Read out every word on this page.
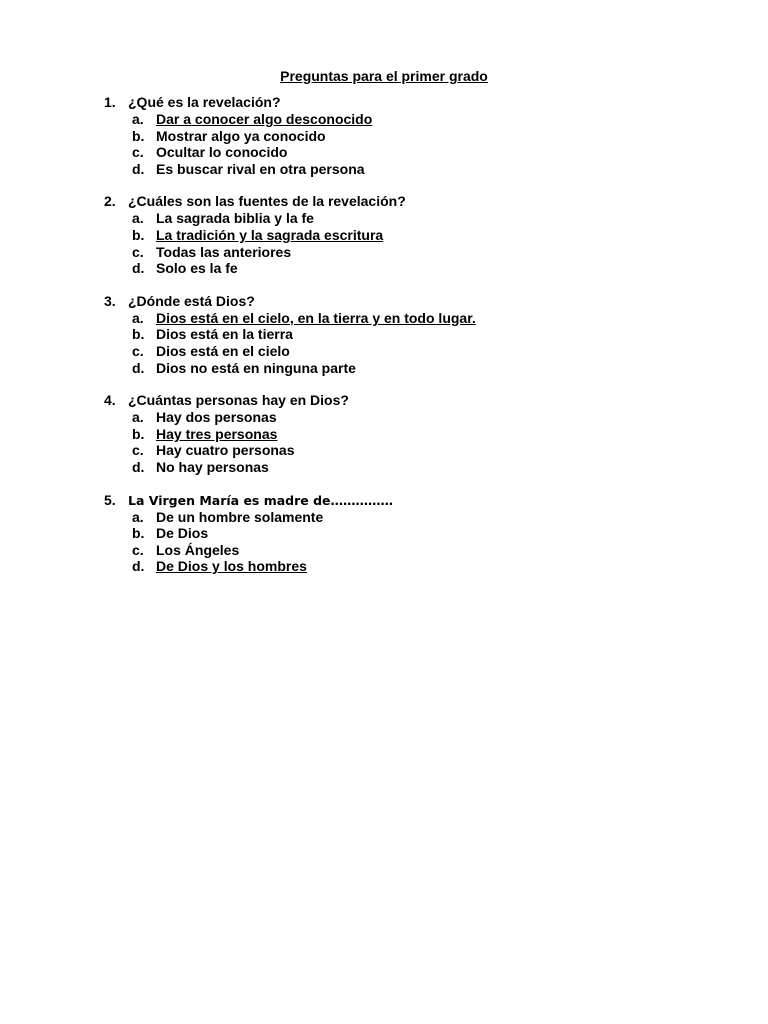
Preguntas para el primer grado
1. ¿Qué es la revelación?
a. Dar a conocer algo desconocido
b. Mostrar algo ya conocido
c. Ocultar lo conocido
d. Es buscar rival en otra persona
2. ¿Cuáles son las fuentes de la revelación?
a. La sagrada biblia y la fe
b. La tradición y la sagrada escritura
c. Todas las anteriores
d. Solo es la fe
3. ¿Dónde está Dios?
a. Dios está en el cielo, en la tierra y en todo lugar.
b. Dios está en la tierra
c. Dios está en el cielo
d. Dios no está en ninguna parte
4. ¿Cuántas personas hay en Dios?
a. Hay dos personas
b. Hay tres personas
c. Hay cuatro personas
d. No hay personas
5. La Virgen María es madre de……………
a. De un hombre solamente
b. De Dios
c. Los Ángeles
d. De Dios y los hombres
